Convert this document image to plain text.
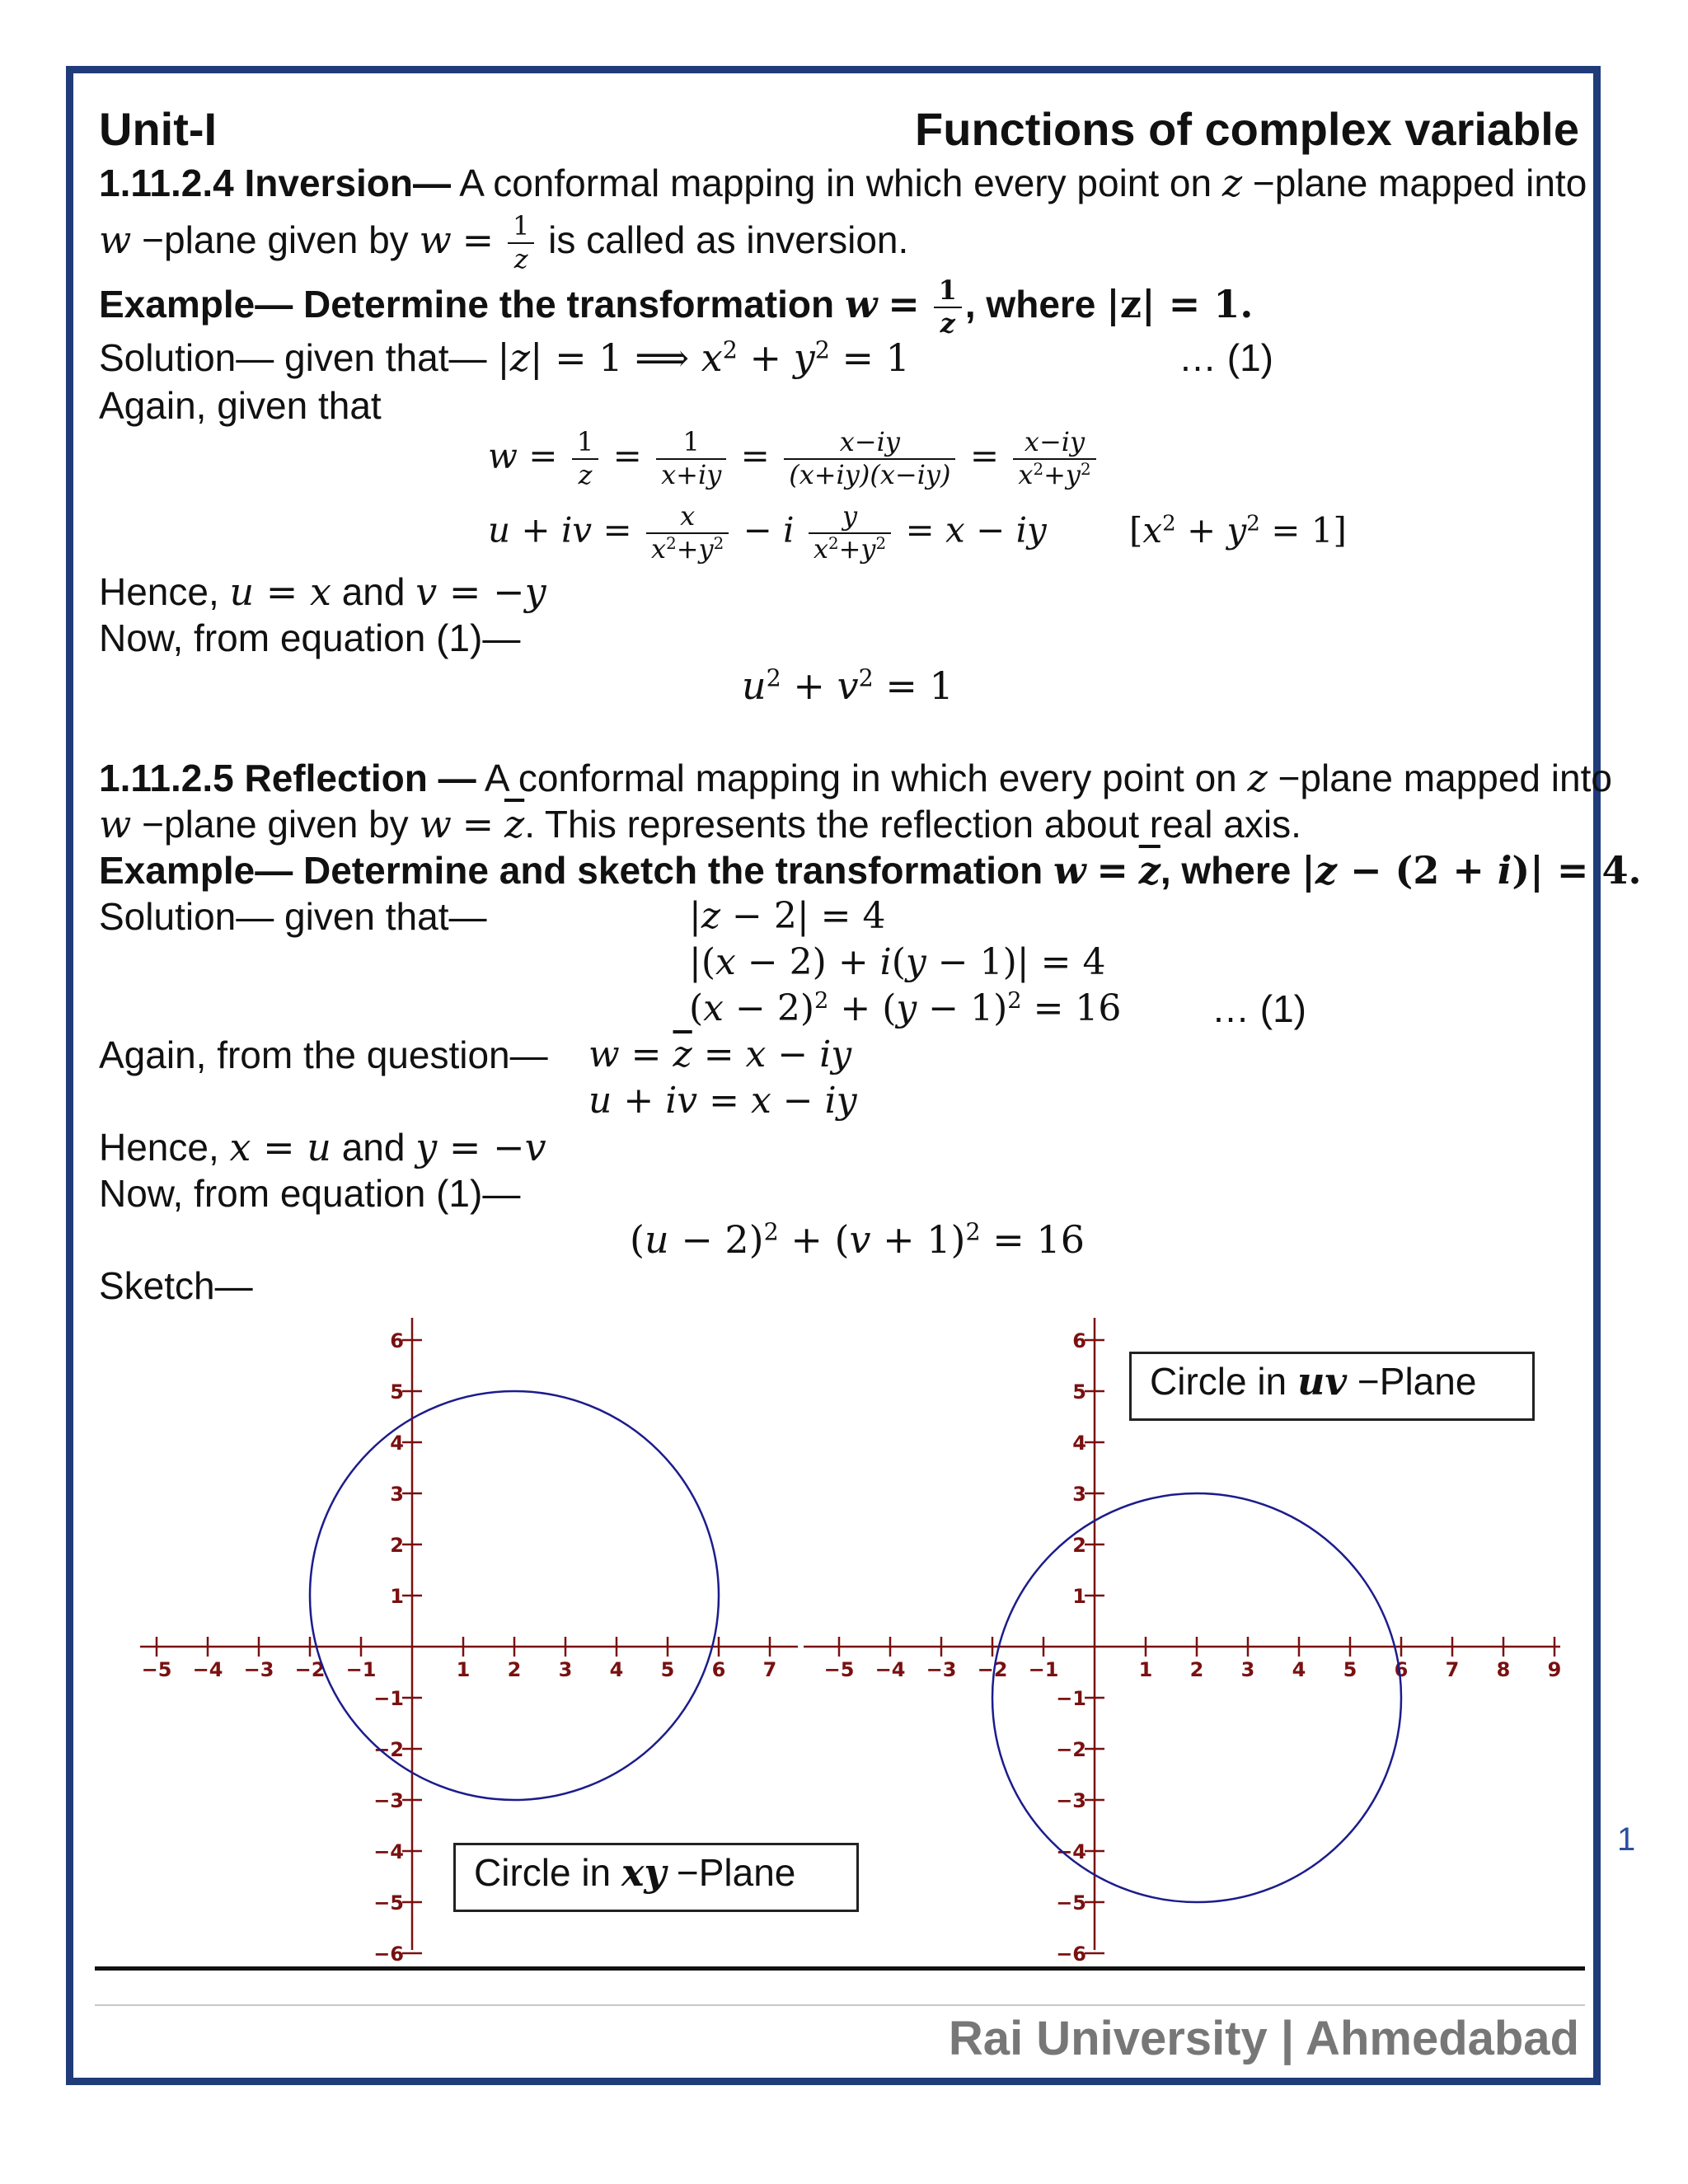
Unit-I	Functions of complex variable
1.11.2.4 Inversion— A conformal mapping in which every point on z −plane mapped into
w −plane given by $w = \frac{1}{z}$ is called as inversion.
Example— Determine the transformation $w = \frac{1}{z}$ , where |z| = 1.
Solution— given that— |z| = 1 ⟹ $x^2 + y^2 = 1$	… (1)
Again, given that
$w = \frac{1}{z} = \frac{1}{x+iy} = \frac{x-iy}{(x+iy)(x-iy)} = \frac{x-iy}{x^2+y^2}$
u + iv = $\frac{x}{x^2+y^2} - i \frac{y}{x^2+y^2} = x$ − iy $[x^2 + y^2 = 1]$
Hence, u = x and v = −y
Now, from equation (1)—
$u^2 + v^2 = 1$
1.11.2.5 Reflection — A conformal mapping in which every point on z −plane mapped into
w −plane given by $w = \overline{z}$. This represents the reflection about real axis.
Example— Determine and sketch the transformation $w = \overline{z}$, where |z − (2 + i)| = 4.
Solution— given that—	|z − 2| = 4
|(x − 2) + i(y − 1)| = 4
$(x - 2)^2 + (y - 1)^2 = 16$ … (1)
Again, from the question— $w = \overline{z} = x$ − iy
u + iv = x − iy
Hence, x = u and y = −v
Now, from equation (1)—
$(u - 2)^2 + (v + 1)^2 = 16$
Sketch—
−5 −4 −3 −2 −1	1 2 3 4 5 6 7
−6
−5
−4
−3
−2
−1
1
2
3
4
5
6
−5 −4 −3 −2 −1	1 2 3 4 5 6 7 8 9
−6
−5
−4
−3
−2
−1
1
2
3
4
5
6
Circle in xy −Plane
Circle in uv −Plane
Rai University | Ahmedabad
1
